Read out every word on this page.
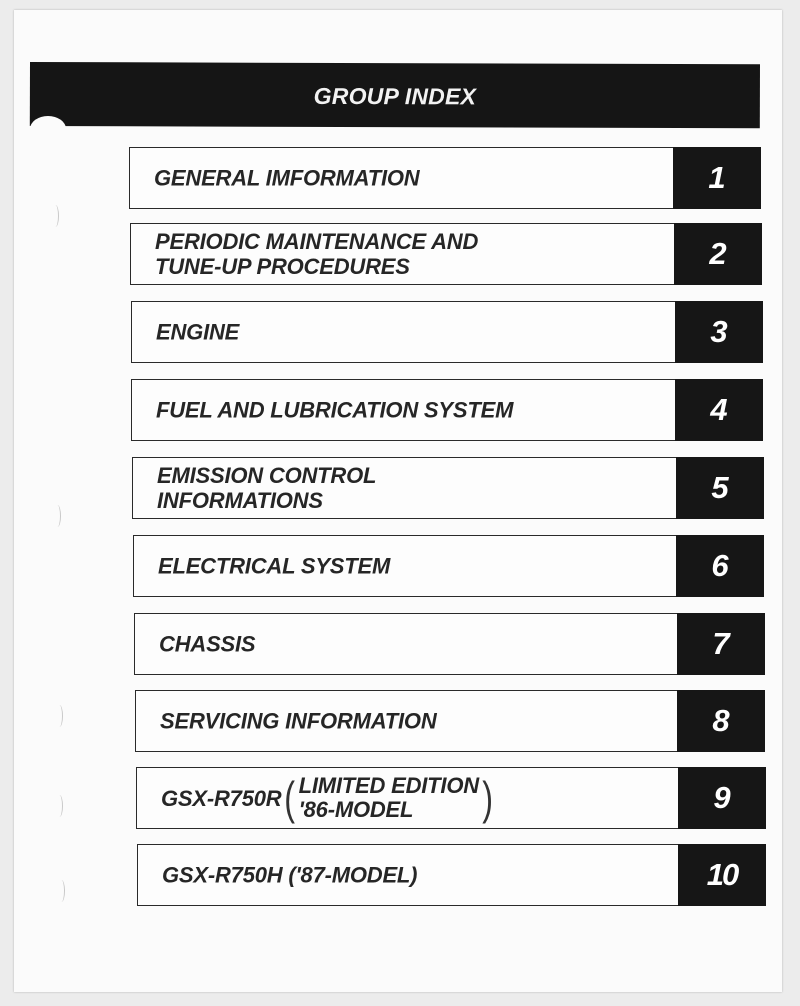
GROUP INDEX
GENERAL IMFORMATION	1
PERIODIC MAINTENANCE AND
TUNE-UP PROCEDURES	2
ENGINE	3
FUEL AND LUBRICATION SYSTEM	4
EMISSION CONTROL
INFORMATIONS	5
ELECTRICAL SYSTEM	6
CHASSIS	7
SERVICING INFORMATION	8
GSX-R750R ( LIMITED EDITION
'86-MODEL	)	9
GSX-R750H ('87-MODEL)	10
